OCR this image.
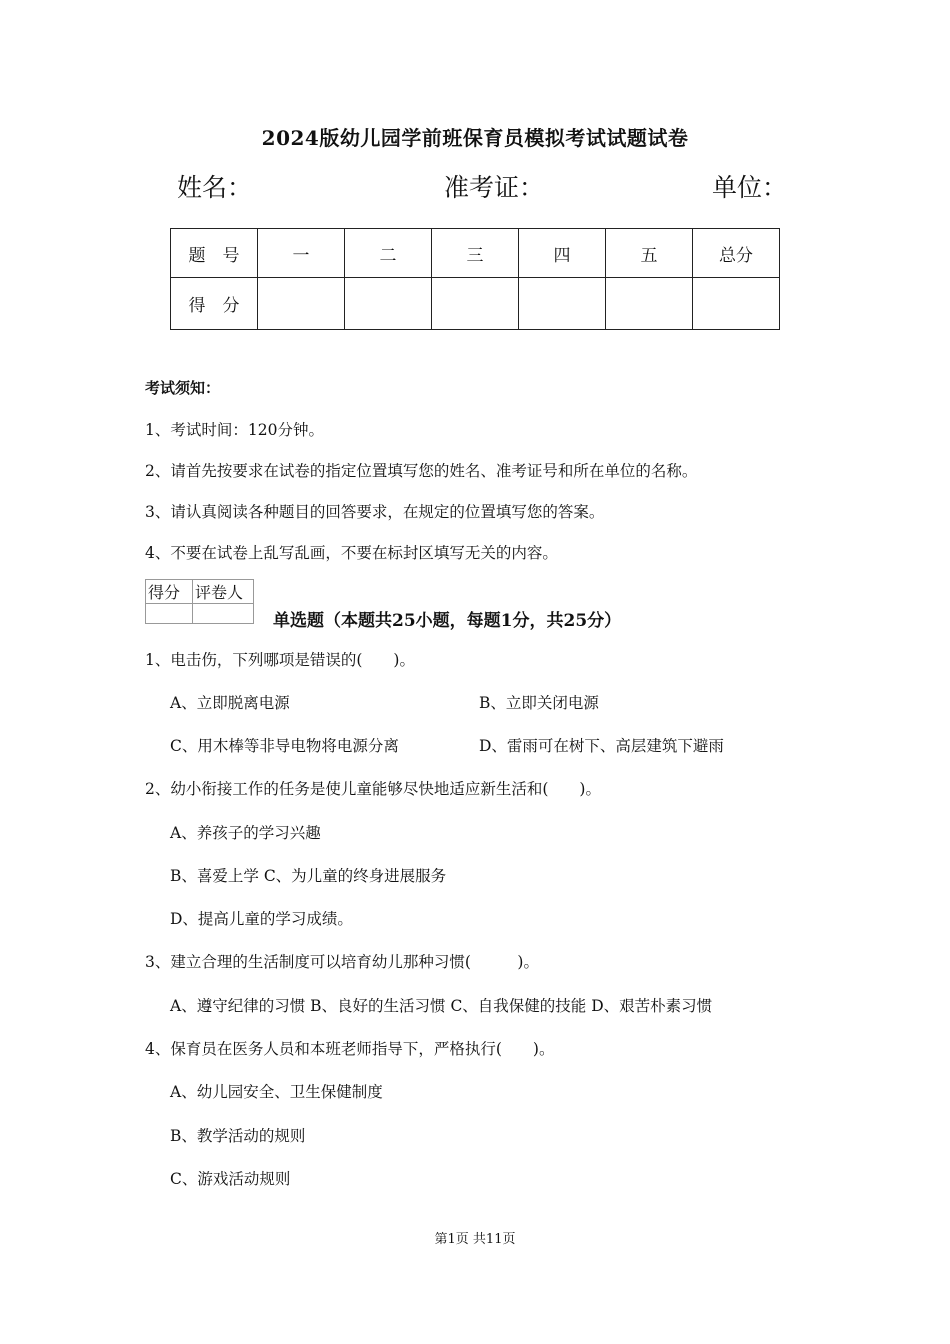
2024版幼儿园学前班保育员模拟考试试题试卷
姓名：	准考证：	单位：
题　号	一	二	三	四	五	总分
得　分						
考试须知：
1、考试时间：120分钟。
2、请首先按要求在试卷的指定位置填写您的姓名、准考证号和所在单位的名称。
3、请认真阅读各种题目的回答要求，在规定的位置填写您的答案。
4、不要在试卷上乱写乱画，不要在标封区填写无关的内容。
得分	评卷人

单选题（本题共25小题，每题1分，共25分）
1、电击伤，下列哪项是错误的(　　)。
A、立即脱离电源	B、立即关闭电源
C、用木棒等非导电物将电源分离	D、雷雨可在树下、高层建筑下避雨
2、幼小衔接工作的任务是使儿童能够尽快地适应新生活和(　　)。
A、养孩子的学习兴趣
B、喜爱上学 C、为儿童的终身进展服务
D、提高儿童的学习成绩。
3、建立合理的生活制度可以培育幼儿那种习惯(　　　)。
A、遵守纪律的习惯 B、良好的生活习惯 C、自我保健的技能 D、艰苦朴素习惯
4、保育员在医务人员和本班老师指导下，严格执行(　　)。
A、幼儿园安全、卫生保健制度
B、教学活动的规则
C、游戏活动规则
第1页 共11页
